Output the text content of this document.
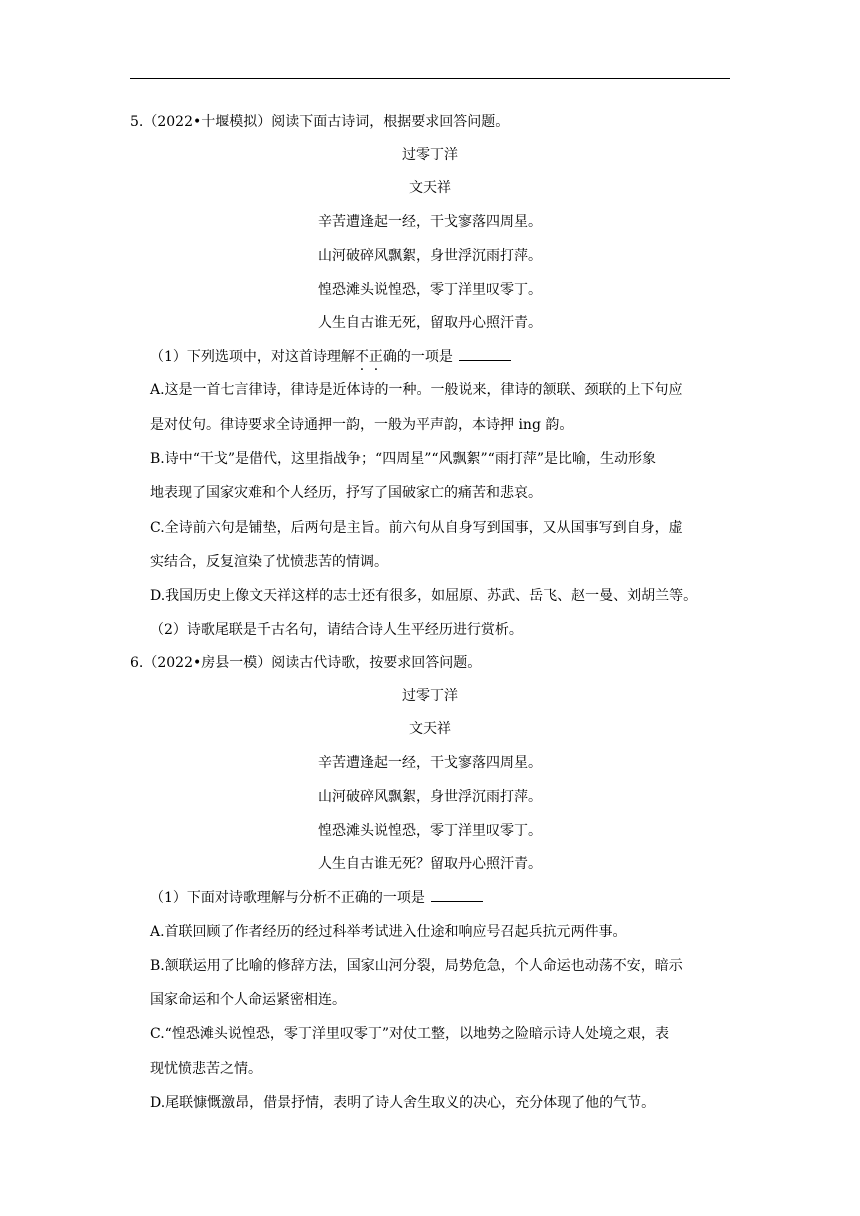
5.（2022•十堰模拟）阅读下面古诗词，根据要求回答问题。
过零丁洋
文天祥
辛苦遭逢起一经，干戈寥落四周星。
山河破碎风飘絮，身世浮沉雨打萍。
惶恐滩头说惶恐，零丁洋里叹零丁。
人生自古谁无死，留取丹心照汗青。
（1）下列选项中，对这首诗理解不正确的一项是
A.这是一首七言律诗，律诗是近体诗的一种。一般说来，律诗的颔联、颈联的上下句应
是对仗句。律诗要求全诗通押一韵，一般为平声韵，本诗押 ing 韵。
B.诗中“干戈”是借代，这里指战争；“四周星”“风飘絮”“雨打萍”是比喻，生动形象
地表现了国家灾难和个人经历，抒写了国破家亡的痛苦和悲哀。
C.全诗前六句是铺垫，后两句是主旨。前六句从自身写到国事，又从国事写到自身，虚
实结合，反复渲染了忧愤悲苦的情调。
D.我国历史上像文天祥这样的志士还有很多，如屈原、苏武、岳飞、赵一曼、刘胡兰等。
（2）诗歌尾联是千古名句，请结合诗人生平经历进行赏析。
6.（2022•房县一模）阅读古代诗歌，按要求回答问题。
过零丁洋
文天祥
辛苦遭逢起一经，干戈寥落四周星。
山河破碎风飘絮，身世浮沉雨打萍。
惶恐滩头说惶恐，零丁洋里叹零丁。
人生自古谁无死？留取丹心照汗青。
（1）下面对诗歌理解与分析不正确的一项是
A.首联回顾了作者经历的经过科举考试进入仕途和响应号召起兵抗元两件事。
B.颔联运用了比喻的修辞方法，国家山河分裂，局势危急，个人命运也动荡不安，暗示
国家命运和个人命运紧密相连。
C.“惶恐滩头说惶恐，零丁洋里叹零丁”对仗工整，以地势之险暗示诗人处境之艰，表
现忧愤悲苦之情。
D.尾联慷慨激昂，借景抒情，表明了诗人舍生取义的决心，充分体现了他的气节。
